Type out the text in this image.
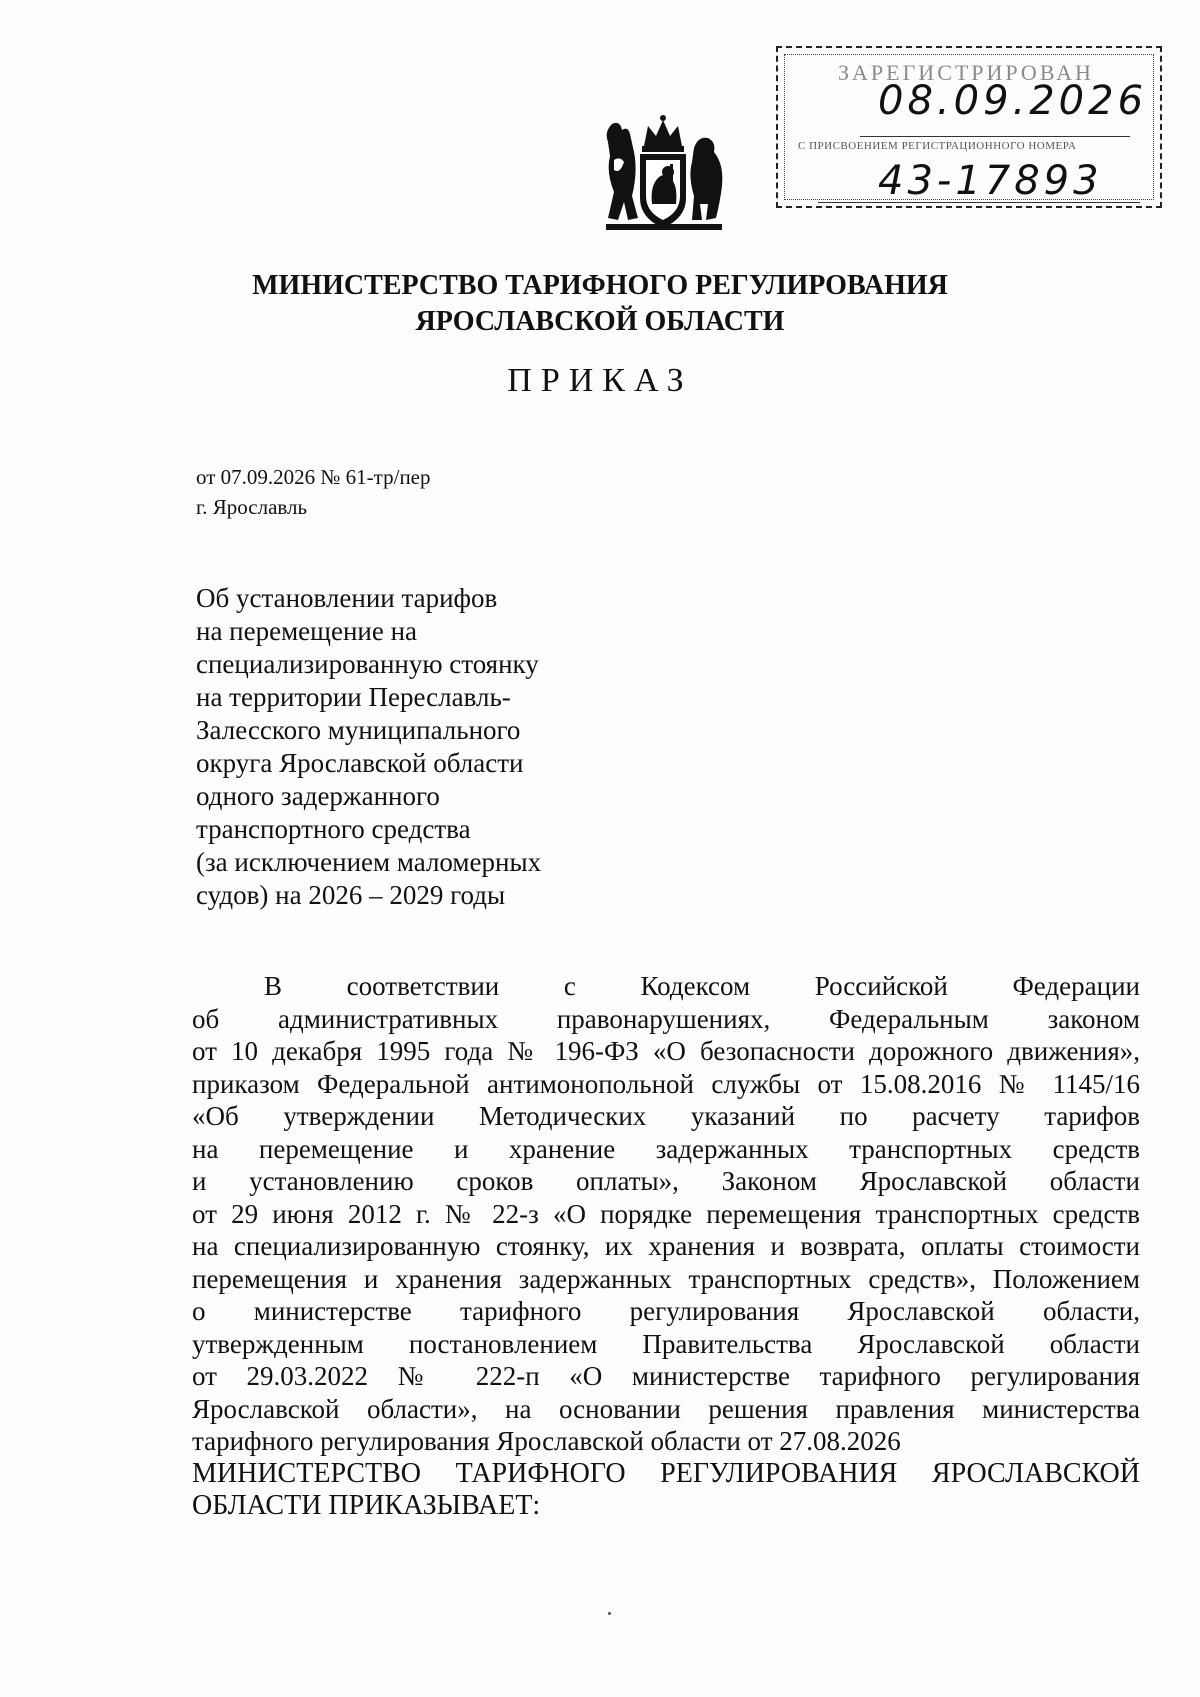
ЗАРЕГИСТРИРОВАН
08.09.2026
С ПРИСВОЕНИЕМ РЕГИСТРАЦИОННОГО НОМЕРА
43-17893
МИНИСТЕРСТВО ТАРИФНОГО РЕГУЛИРОВАНИЯ
ЯРОСЛАВСКОЙ ОБЛАСТИ
ПРИКАЗ
от 07.09.2026 № 61-тр/пер
г. Ярославль
Об установлении тарифов
на перемещение на
специализированную стоянку
на территории Переславль-
Залесского муниципального
округа Ярославской области
одного задержанного
транспортного средства
(за исключением маломерных
судов) на 2026 – 2029 годы
В соответствии с Кодексом Российской Федерации
об административных правонарушениях, Федеральным законом
от 10 декабря 1995 года № 196-ФЗ «О безопасности дорожного движения»,
приказом Федеральной антимонопольной службы от 15.08.2016 № 1145/16
«Об утверждении Методических указаний по расчету тарифов
на перемещение и хранение задержанных транспортных средств
и установлению сроков оплаты», Законом Ярославской области
от 29 июня 2012 г. № 22-з «О порядке перемещения транспортных средств
на специализированную стоянку, их хранения и возврата, оплаты стоимости
перемещения и хранения задержанных транспортных средств», Положением
о министерстве тарифного регулирования Ярославской области,
утвержденным постановлением Правительства Ярославской области
от 29.03.2022 № 222-п «О министерстве тарифного регулирования
Ярославской области», на основании решения правления министерства
тарифного регулирования Ярославской области от 27.08.2026
МИНИСТЕРСТВО ТАРИФНОГО РЕГУЛИРОВАНИЯ ЯРОСЛАВСКОЙ
ОБЛАСТИ ПРИКАЗЫВАЕТ:
